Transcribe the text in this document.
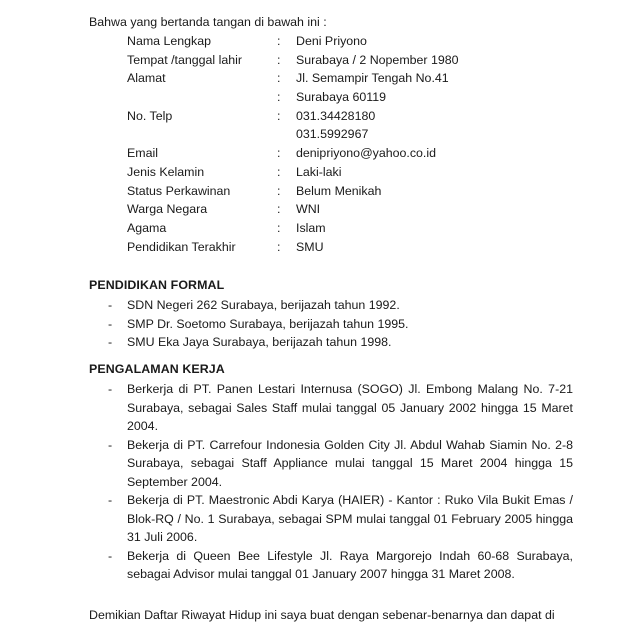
Bahwa yang bertanda tangan di bawah ini :
Nama Lengkap	: Deni Priyono
Tempat /tanggal lahir	: Surabaya / 2 Nopember 1980
Alamat	: Jl. Semampir Tengah No.41
: Surabaya 60119
No. Telp	: 031.34428180
031.5992967
Email	: denipriyono@yahoo.co.id
Jenis Kelamin	: Laki-laki
Status Perkawinan	: Belum Menikah
Warga Negara	: WNI
Agama	: Islam
Pendidikan Terakhir	: SMU
PENDIDIKAN FORMAL
- SDN Negeri 262 Surabaya, berijazah tahun 1992.
- SMP Dr. Soetomo Surabaya, berijazah tahun 1995.
- SMU Eka Jaya Surabaya, berijazah tahun 1998.
PENGALAMAN KERJA
- Berkerja di PT. Panen Lestari Internusa (SOGO) Jl. Embong Malang No. 7-21 Surabaya, sebagai Sales Staff mulai tanggal 05 January 2002 hingga 15 Maret 2004.
- Bekerja di PT. Carrefour Indonesia Golden City Jl. Abdul Wahab Siamin No. 2-8 Surabaya, sebagai Staff Appliance mulai tanggal 15 Maret 2004 hingga 15 September 2004.
- Bekerja di PT. Maestronic Abdi Karya (HAIER) - Kantor : Ruko Vila Bukit Emas / Blok-RQ / No. 1 Surabaya, sebagai SPM mulai tanggal 01 February 2005 hingga 31 Juli 2006.
- Bekerja di Queen Bee Lifestyle Jl. Raya Margorejo Indah 60-68 Surabaya, sebagai Advisor mulai tanggal 01 January 2007 hingga 31 Maret 2008.
Demikian Daftar Riwayat Hidup ini saya buat dengan sebenar-benarnya dan dapat di
